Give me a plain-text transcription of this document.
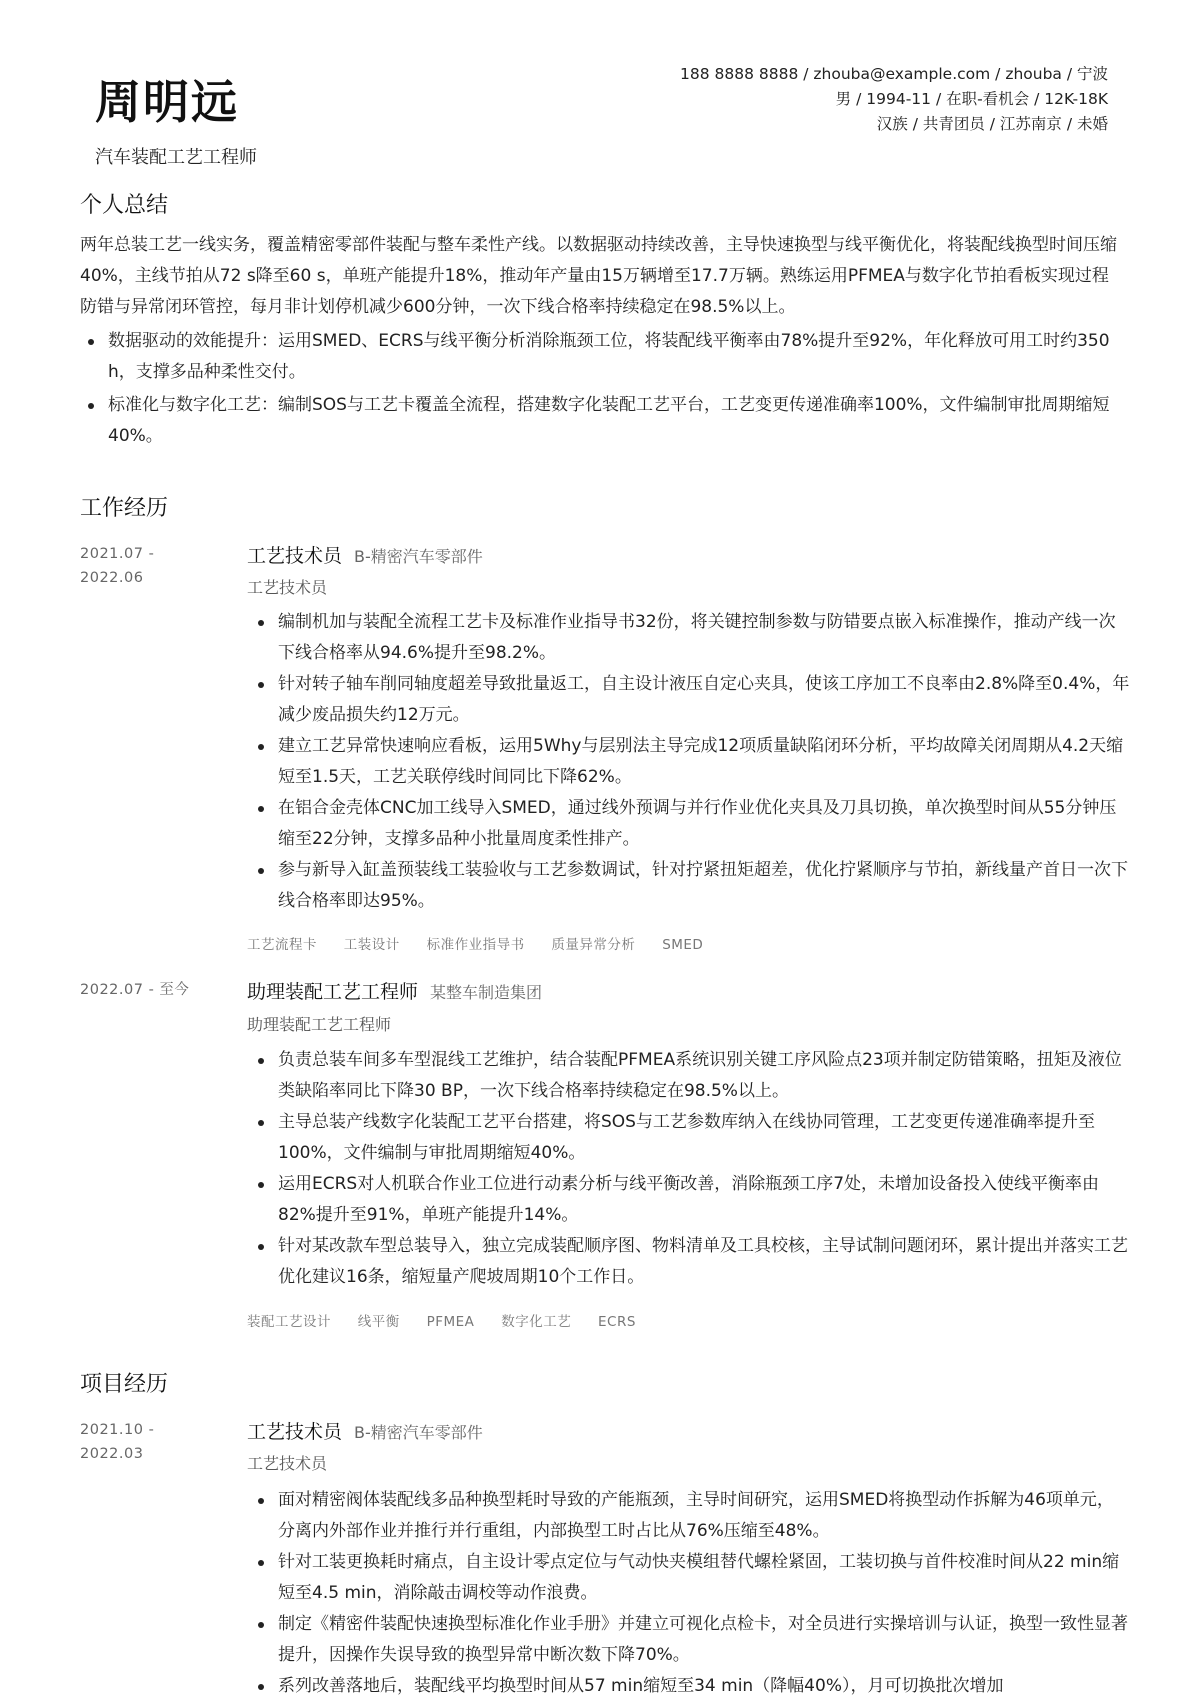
周明远
汽车装配工艺工程师
188 8888 8888 / zhouba@example.com / zhouba / 宁波
男 / 1994-11 / 在职-看机会 / 12K-18K
汉族 / 共青团员 / 江苏南京 / 未婚
个人总结
两年总装工艺一线实务，覆盖精密零部件装配与整车柔性产线。以数据驱动持续改善，主导快速换型与线平衡优化，将装配线换型时间压缩40%，主线节拍从72 s降至60 s，单班产能提升18%，推动年产量由15万辆增至17.7万辆。熟练运用PFMEA与数字化节拍看板实现过程防错与异常闭环管控，每月非计划停机减少600分钟，一次下线合格率持续稳定在98.5%以上。
数据驱动的效能提升：运用SMED、ECRS与线平衡分析消除瓶颈工位，将装配线平衡率由78%提升至92%，年化释放可用工时约350 h，支撑多品种柔性交付。
标准化与数字化工艺：编制SOS与工艺卡覆盖全流程，搭建数字化装配工艺平台，工艺变更传递准确率100%，文件编制审批周期缩短40%。
工作经历
2021.07 -
2022.06
工艺技术员 B-精密汽车零部件
工艺技术员
编制机加与装配全流程工艺卡及标准作业指导书32份，将关键控制参数与防错要点嵌入标准操作，推动产线一次下线合格率从94.6%提升至98.2%。
针对转子轴车削同轴度超差导致批量返工，自主设计液压自定心夹具，使该工序加工不良率由2.8%降至0.4%，年减少废品损失约12万元。
建立工艺异常快速响应看板，运用5Why与层别法主导完成12项质量缺陷闭环分析，平均故障关闭周期从4.2天缩短至1.5天，工艺关联停线时间同比下降62%。
在铝合金壳体CNC加工线导入SMED，通过线外预调与并行作业优化夹具及刀具切换，单次换型时间从55分钟压缩至22分钟，支撑多品种小批量周度柔性排产。
参与新导入缸盖预装线工装验收与工艺参数调试，针对拧紧扭矩超差，优化拧紧顺序与节拍，新线量产首日一次下线合格率即达95%。
工艺流程卡 工装设计 标准作业指导书 质量异常分析 SMED
2022.07 - 至今	助理装配工艺工程师 某整车制造集团
助理装配工艺工程师
负责总装车间多车型混线工艺维护，结合装配PFMEA系统识别关键工序风险点23项并制定防错策略，扭矩及液位类缺陷率同比下降30 BP，一次下线合格率持续稳定在98.5%以上。
主导总装产线数字化装配工艺平台搭建，将SOS与工艺参数库纳入在线协同管理，工艺变更传递准确率提升至100%，文件编制与审批周期缩短40%。
运用ECRS对人机联合作业工位进行动素分析与线平衡改善，消除瓶颈工序7处，未增加设备投入使线平衡率由82%提升至91%，单班产能提升14%。
针对某改款车型总装导入，独立完成装配顺序图、物料清单及工具校核，主导试制问题闭环，累计提出并落实工艺优化建议16条，缩短量产爬坡周期10个工作日。
装配工艺设计 线平衡 PFMEA 数字化工艺 ECRS
项目经历
2021.10 -
2022.03
工艺技术员 B-精密汽车零部件
工艺技术员
面对精密阀体装配线多品种换型耗时导致的产能瓶颈，主导时间研究，运用SMED将换型动作拆解为46项单元，分离内外部作业并推行并行重组，内部换型工时占比从76%压缩至48%。
针对工装更换耗时痛点，自主设计零点定位与气动快夹模组替代螺栓紧固，工装切换与首件校准时间从22 min缩短至4.5 min，消除敲击调校等动作浪费。
制定《精密件装配快速换型标准化作业手册》并建立可视化点检卡，对全员进行实操培训与认证，换型一致性显著提升，因操作失误导致的换型异常中断次数下降70%。
系列改善落地后，装配线平均换型时间从57 min缩短至34 min（降幅40%），月可切换批次增加
